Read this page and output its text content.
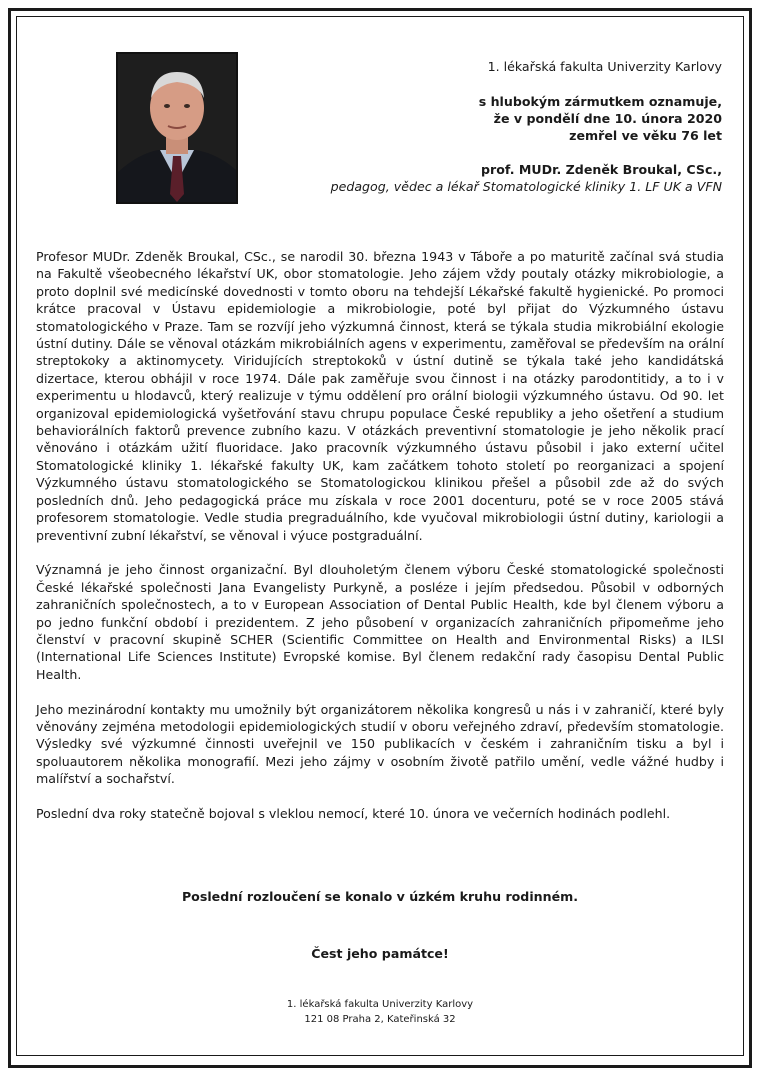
1. lékařská fakulta Univerzity Karlovy

s hlubokým zármutkem oznamuje,

že v pondělí dne 10. února 2020

zemřel ve věku 76 let

prof. MUDr. Zdeněk Broukal, CSc.,

pedagog, vědec a lékař Stomatologické kliniky 1. LF UK a VFN

Profesor MUDr. Zdeněk Broukal, CSc., se narodil 30. března 1943 v Táboře a po maturitě začínal svá studia na Fakultě všeobecného lékařství UK, obor stomatologie. Jeho zájem vždy poutaly otázky mikrobiologie, a proto doplnil své medicínské dovednosti v tomto oboru na tehdejší Lékařské fakultě hygienické. Po promoci krátce pracoval v Ústavu epidemiologie a mikrobiologie, poté byl přijat do Výzkumného ústavu stomatologického v Praze. Tam se rozvíjí jeho výzkumná činnost, která se týkala studia mikrobiální ekologie ústní dutiny. Dále se věnoval otázkám mikrobiálních agens v experimentu, zaměřoval se především na orální streptokoky a aktinomycety. Viridujících streptokoků v ústní dutině se týkala také jeho kandidátská dizertace, kterou obhájil v roce 1974. Dále pak zaměřuje svou činnost i na otázky parodontitidy, a to i v experimentu u hlodavců, který realizuje v týmu oddělení pro orální biologii výzkumného ústavu. Od 90. let organizoval epidemiologická vyšetřování stavu chrupu populace České republiky a jeho ošetření a studium behaviorálních faktorů prevence zubního kazu. V otázkách preventivní stomatologie je jeho několik prací věnováno i otázkám užití fluoridace. Jako pracovník výzkumného ústavu působil i jako externí učitel Stomatologické kliniky 1. lékařské fakulty UK, kam začátkem tohoto století po reorganizaci a spojení Výzkumného ústavu stomatologického se Stomatologickou klinikou přešel a působil zde až do svých posledních dnů. Jeho pedagogická práce mu získala v roce 2001 docenturu, poté se v roce 2005 stává profesorem stomatologie. Vedle studia pregraduálního, kde vyučoval mikrobiologii ústní dutiny, kariologii a preventivní zubní lékařství, se věnoval i výuce postgraduální.

Významná je jeho činnost organizační. Byl dlouholetým členem výboru České stomatologické společnosti České lékařské společnosti Jana Evangelisty Purkyně, a posléze i jejím předsedou. Působil v odborných zahraničních společnostech, a to v European Association of Dental Public Health, kde byl členem výboru a po jedno funkční období i prezidentem. Z jeho působení v organizacích zahraničních připomeňme jeho členství v pracovní skupině SCHER (Scientific Committee on Health and Environmental Risks) a ILSI (International Life Sciences Institute) Evropské komise. Byl členem redakční rady časopisu Dental Public Health.

Jeho mezinárodní kontakty mu umožnily být organizátorem několika kongresů u nás i v zahraničí, které byly věnovány zejména metodologii epidemiologických studií v oboru veřejného zdraví, především stomatologie. Výsledky své výzkumné činnosti uveřejnil ve 150 publikacích v českém i zahraničním tisku a byl i spoluautorem několika monografií. Mezi jeho zájmy v osobním životě patřilo umění, vedle vážné hudby i malířství a sochařství.

Poslední dva roky statečně bojoval s vleklou nemocí, které 10. února ve večerních hodinách podlehl.

Poslední rozloučení se konalo v úzkém kruhu rodinném.
Čest jeho památce!
1. lékařská fakulta Univerzity Karlovy
121 08 Praha 2, Kateřinská 32
